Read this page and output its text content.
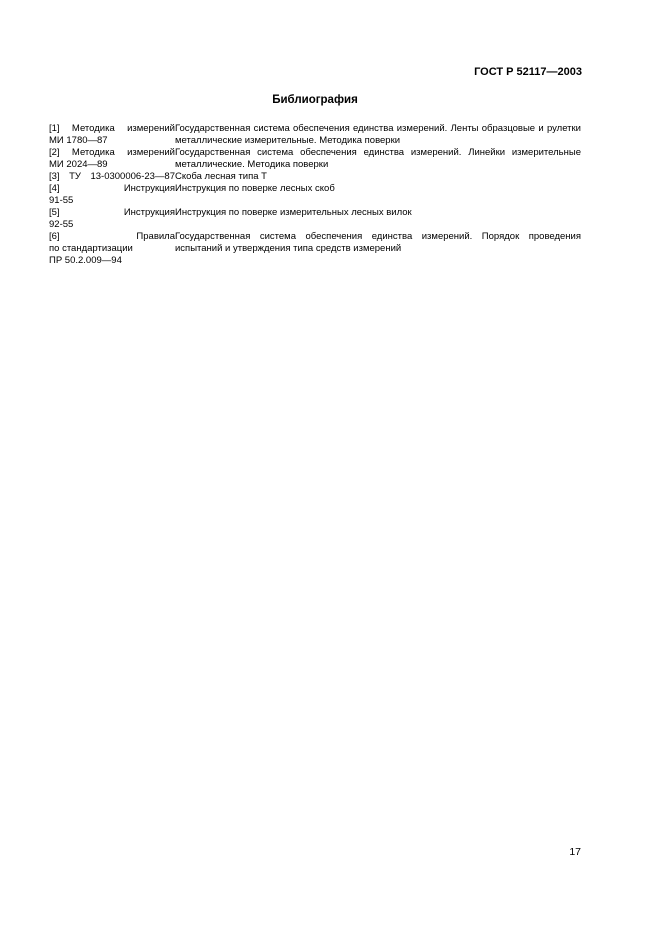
ГОСТ Р 52117—2003
Библиография
[1] Методика измерений
МИ 1780—87
Государственная система обеспечения единства измерений. Ленты образцовые и рулетки металлические измерительные. Методика поверки
[2] Методика измерений
МИ 2024—89
Государственная система обеспечения единства измерений. Линейки измерительные металлические. Методика поверки
[3] ТУ 13-0300006-23—87 Скоба лесная типа Т
[4] Инструкция
91-55
Инструкция по поверке лесных скоб
[5] Инструкция
92-55
Инструкция по поверке измерительных лесных вилок
[6] Правила
по стандартизации
ПР 50.2.009—94
Государственная система обеспечения единства измерений. Порядок проведения испытаний и утверждения типа средств измерений
17
